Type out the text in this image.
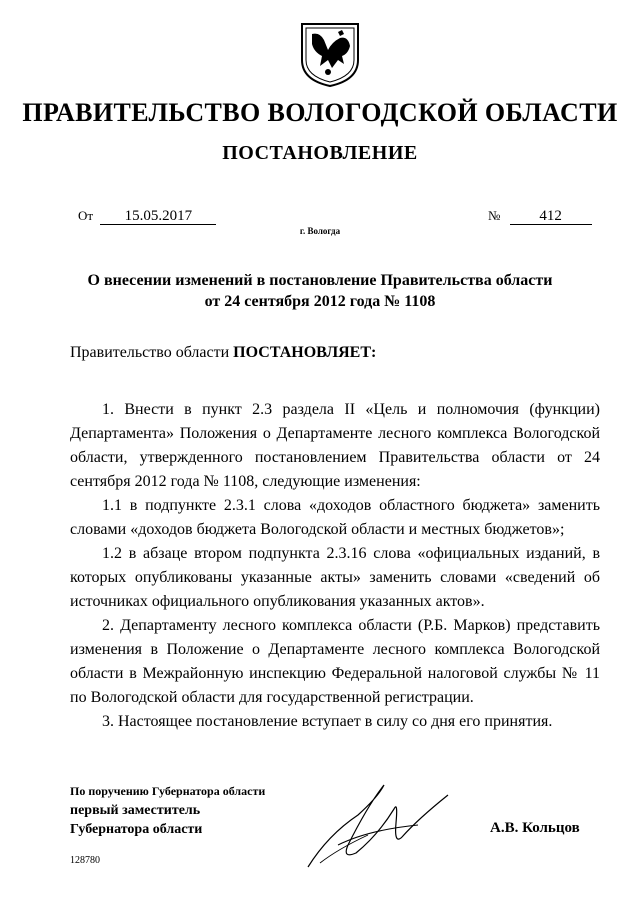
ПРАВИТЕЛЬСТВО ВОЛОГОДСКОЙ ОБЛАСТИ
ПОСТАНОВЛЕНИЕ
От 15.05.2017	№	412
г. Вологда
О внесении изменений в постановление Правительства области
от 24 сентября 2012 года № 1108
Правительство области ПОСТАНОВЛЯЕТ:

1. Внести в пункт 2.3 раздела II «Цель и полномочия (функции) Департамента» Положения о Департаменте лесного комплекса Вологодской области, утвержденного постановлением Правительства области от 24 сентября 2012 года № 1108, следующие изменения:

1.1 в подпункте 2.3.1 слова «доходов областного бюджета» заменить словами «доходов бюджета Вологодской области и местных бюджетов»;

1.2 в абзаце втором подпункта 2.3.16 слова «официальных изданий, в которых опубликованы указанные акты» заменить словами «сведений об источниках официального опубликования указанных актов».

2. Департаменту лесного комплекса области (Р.Б. Марков) представить изменения в Положение о Департаменте лесного комплекса Вологодской области в Межрайонную инспекцию Федеральной налоговой службы № 11 по Вологодской области для государственной регистрации.

3. Настоящее постановление вступает в силу со дня его принятия.

По поручению Губернатора области
первый заместитель
Губернатора области	А.В. Кольцов
128780
